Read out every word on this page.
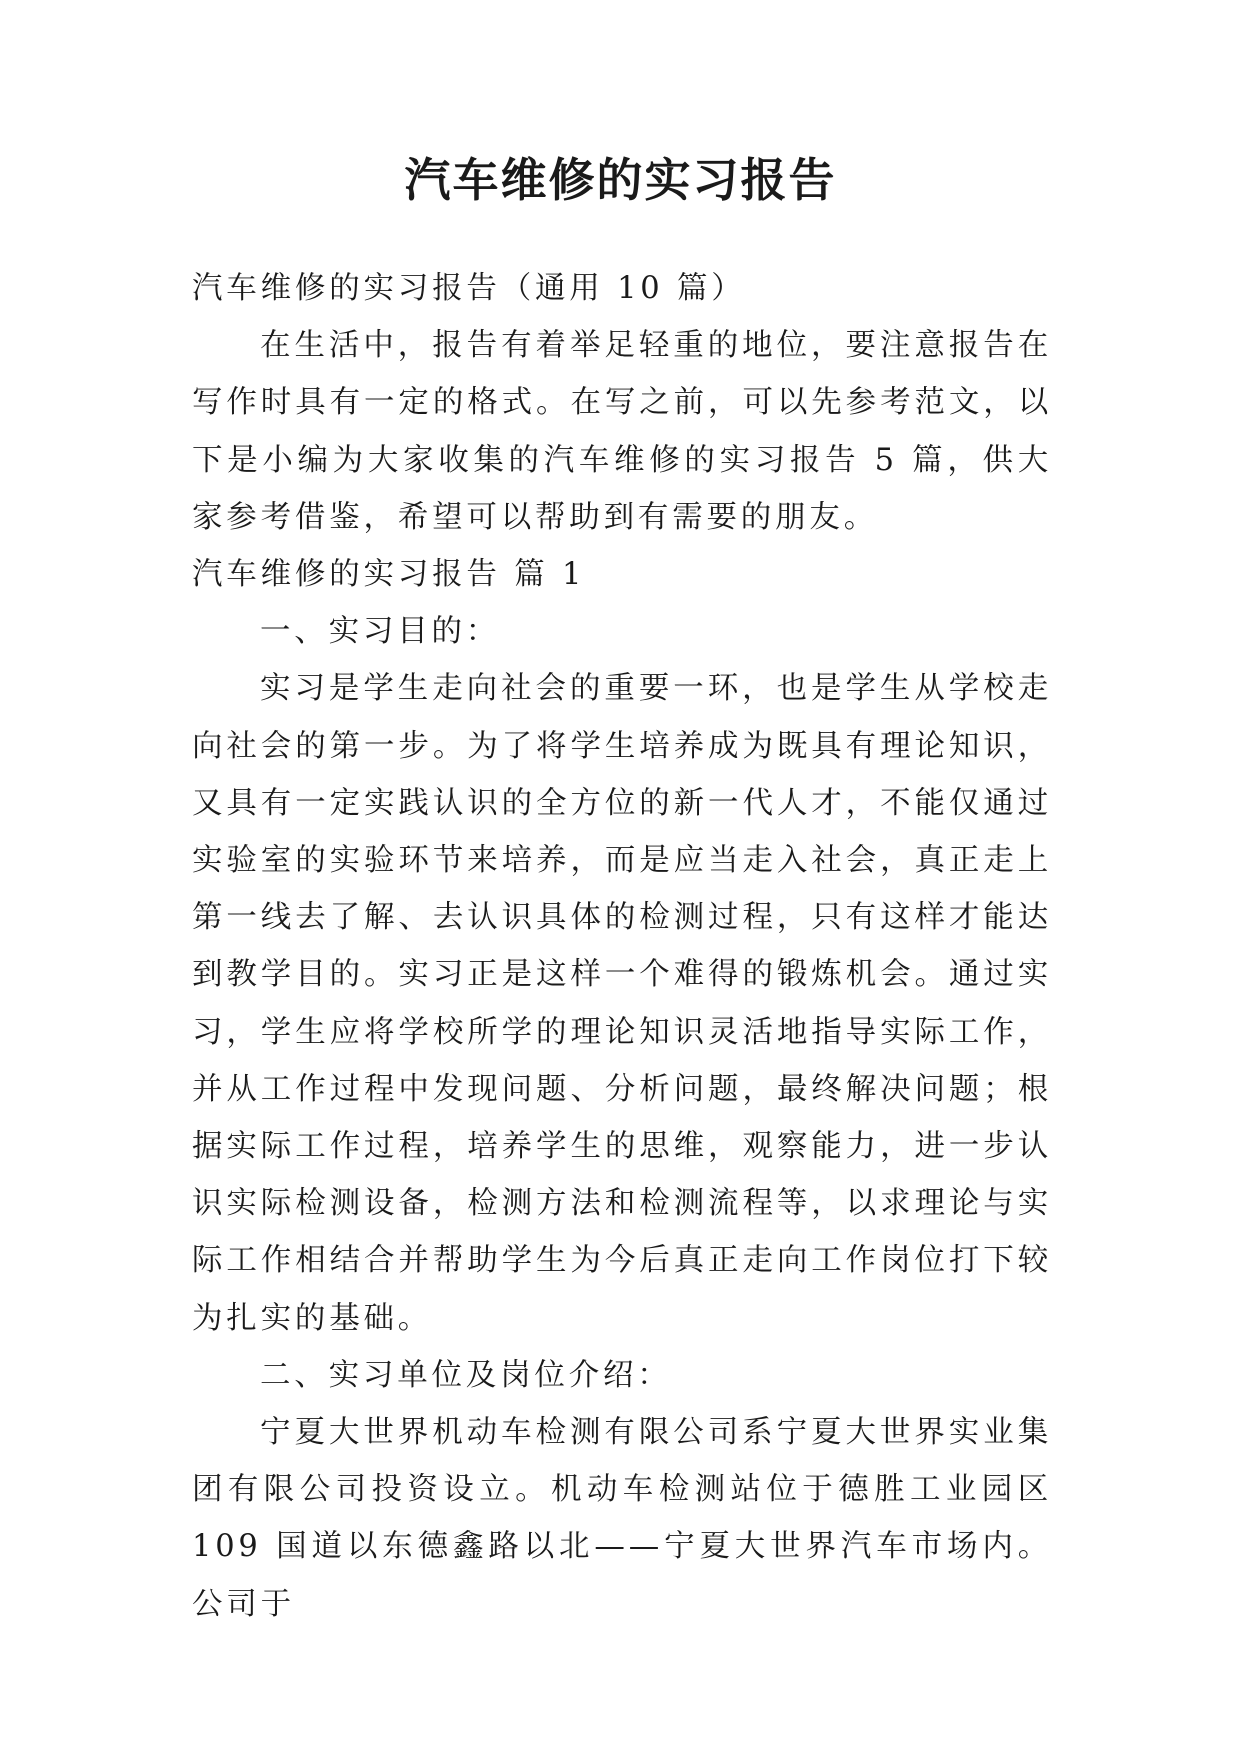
汽车维修的实习报告

汽车维修的实习报告（通用 10 篇）

在生活中，报告有着举足轻重的地位，要注意报告在写作时具有一定的格式。在写之前，可以先参考范文，以下是小编为大家收集的汽车维修的实习报告 5 篇，供大家参考借鉴，希望可以帮助到有需要的朋友。

汽车维修的实习报告 篇 1

一、实习目的：

实习是学生走向社会的重要一环，也是学生从学校走向社会的第一步。为了将学生培养成为既具有理论知识，又具有一定实践认识的全方位的新一代人才，不能仅通过实验室的实验环节来培养，而是应当走入社会，真正走上第一线去了解、去认识具体的检测过程，只有这样才能达到教学目的。实习正是这样一个难得的锻炼机会。通过实习，学生应将学校所学的理论知识灵活地指导实际工作，并从工作过程中发现问题、分析问题，最终解决问题；根据实际工作过程，培养学生的思维，观察能力，进一步认识实际检测设备，检测方法和检测流程等，以求理论与实际工作相结合并帮助学生为今后真正走向工作岗位打下较为扎实的基础。

二、实习单位及岗位介绍：

宁夏大世界机动车检测有限公司系宁夏大世界实业集团有限公司投资设立。机动车检测站位于德胜工业园区 109 国道以东德鑫路以北——宁夏大世界汽车市场内。公司于
